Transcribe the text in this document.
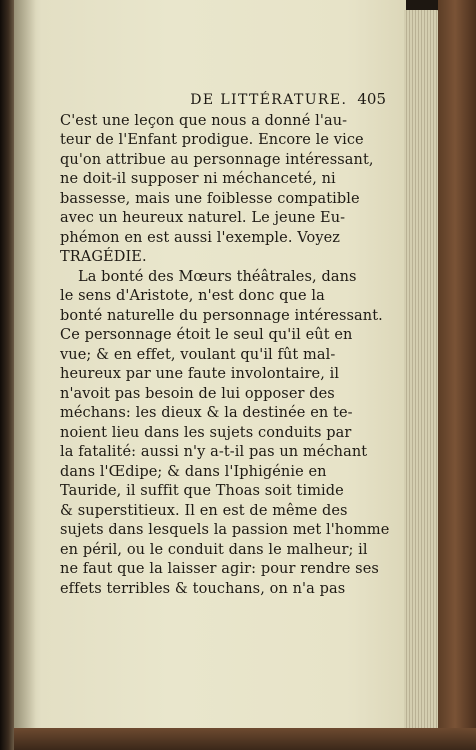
DE LITTÉRATURE. 405
C'est une leçon que nous a donné l'au-
teur de l'Enfant prodigue. Encore le vice
qu'on attribue au personnage intéressant,
ne doit-il supposer ni méchanceté, ni
bassesse, mais une foiblesse compatible
avec un heureux naturel. Le jeune Eu-
phémon en est aussi l'exemple. Voyez
TRAGÉDIE.
La bonté des Mœurs théâtrales, dans
le sens d'Aristote, n'est donc que la
bonté naturelle du personnage intéressant.
Ce personnage étoit le seul qu'il eût en
vue; & en effet, voulant qu'il fût mal-
heureux par une faute involontaire, il
n'avoit pas besoin de lui opposer des
méchans: les dieux & la destinée en te-
noient lieu dans les sujets conduits par
la fatalité: aussi n'y a-t-il pas un méchant
dans l'Œdipe; & dans l'Iphigénie en
Tauride, il suffit que Thoas soit timide
& superstitieux. Il en est de même des
sujets dans lesquels la passion met l'homme
en péril, ou le conduit dans le malheur; il
ne faut que la laisser agir: pour rendre ses
effets terribles & touchans, on n'a pas
